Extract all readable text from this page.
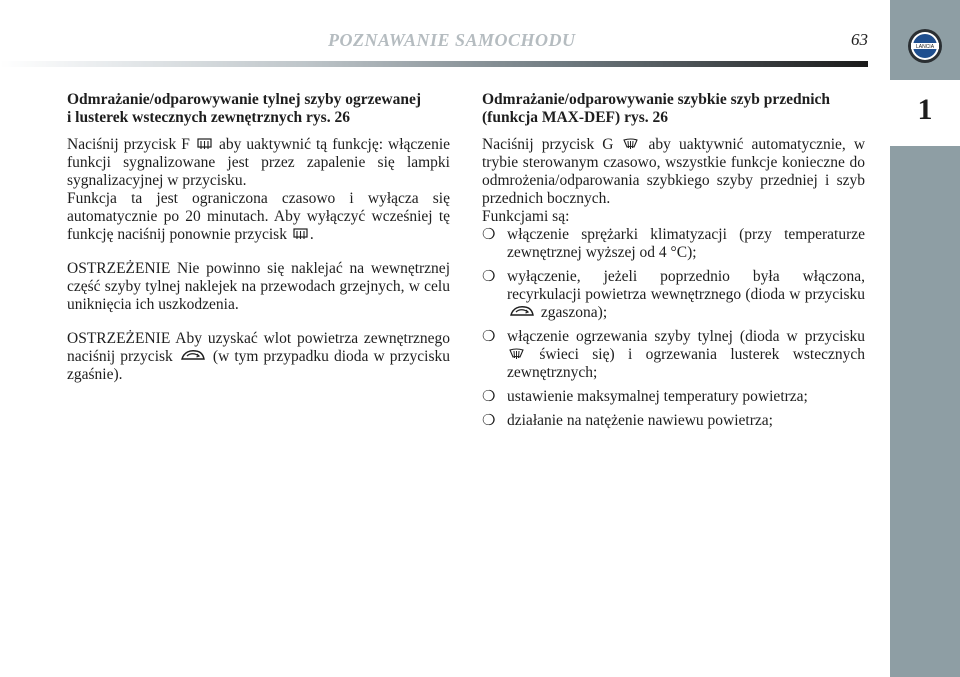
1
LANCIA
POZNAWANIE SAMOCHODU	63
Odmrażanie/odparowywanie tylnej szyby ogrzewanej
i lusterek wstecznych zewnętrznych rys. 26

Naciśnij przycisk F aby uaktywnić tą funkcję: włączenie funkcji sygnalizowane jest przez zapalenie się lampki sygnalizacyjnej w przycisku.
Funkcja ta jest ograniczona czasowo i wyłącza się automatycznie po 20 minutach. Aby wyłączyć wcześniej tę funkcję naciśnij ponownie przycisk .

OSTRZEŻENIE Nie powinno się naklejać na wewnętrznej część szyby tylnej naklejek na przewodach grzejnych, w celu uniknięcia ich uszkodzenia.

OSTRZEŻENIE Aby uzyskać wlot powietrza zewnętrznego naciśnij przycisk	(w tym przypadku dioda w przycisku zgaśnie).

Odmrażanie/odparowywanie szybkie szyb przednich
(funkcja MAX-DEF) rys. 26

Naciśnij przycisk G aby uaktywnić automatycznie, w trybie sterowanym czasowo, wszystkie funkcje konieczne do odmrożenia/odparowania szybkiego szyby przedniej i szyb przednich bocznych.
Funkcjami są:

❍ włączenie sprężarki klimatyzacji (przy temperaturze zewnętrznej wyższej od 4 °C);
❍ wyłączenie, jeżeli poprzednio była włączona, recyrkulacji powietrza wewnętrznego (dioda w przycisku  zgaszona);
❍ włączenie ogrzewania szyby tylnej (dioda w przycisku  świeci się) i ogrzewania lusterek wstecznych zewnętrznych;
❍ ustawienie maksymalnej temperatury powietrza;
❍ działanie na natężenie nawiewu powietrza;
